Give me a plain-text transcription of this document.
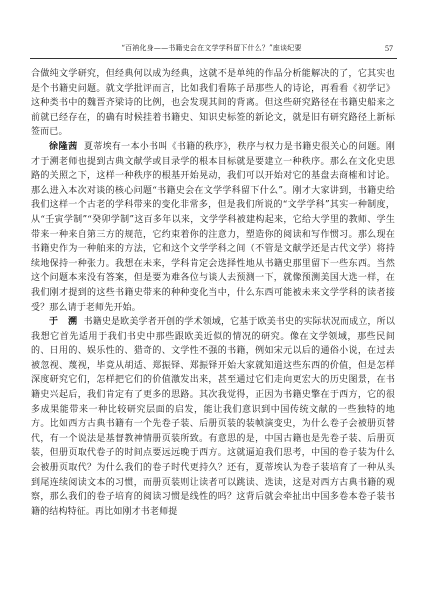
“百衲化身——书籍史会在文学学科留下什么？”座谈纪要	57

合做纯文学研究，但经典何以成为经典，这就不是单纯的作品分析能解决的了，它其实也是个书籍史问题。就文学批评而言，比如我们看陈子昂那些人的诗论，再看看《初学记》这种类书中的魏晋齐梁诗的比例，也会发现其间的背离。但这些研究路径在书籍史船来之前就已经存在，的确有时候挂着书籍史、知识史标签的新论文，就是旧有研究路径上新标签而已。

徐隆茜 夏蒂埃有一本小书叫《书籍的秩序》，秩序与权力是书籍史很关心的问题。刚才于溯老师也提到古典文献学或目录学的根本目标就是要建立一种秩序。那么在文化史思路的关照之下，这样一种秩序的根基开始晃动，我们可以开始对它的基盘去商榷和讨论。那么进入本次对谈的核心问题“书籍史会在文学学科留下什么”。刚才大家讲到，书籍史给我们这样一个古老的学科带来的变化非常多，但是我们所说的“文学学科”其实一种制度，从“壬寅学制”“癸卯学制”这百多年以来，文学学科被建构起来，它给大学里的教师、学生带来一种来自第三方的规范，它约束着你的注意力，塑造你的阅读和写作惯习。那么现在书籍史作为一种舶来的方法，它和这个文学学科之间（不管是文献学还是古代文学）将持续地保持一种张力。我想在未来，学科肯定会选择性地从书籍史那里留下一些东西。当然这个问题本来没有答案，但是要为难各位与谈人去预测一下，就像预测美国大选一样，在我们刚才提到的这些书籍史带来的种种变化当中，什么东西可能被未来文学学科的读者接受？那么请于老师先开始。

于　溯 书籍史是欧美学者开创的学术领域，它基于欧美书史的实际状况而成立，所以我想它首先适用于我们书史中那些跟欧美近似的情况的研究。像在文学领域，那些民间的、日用的、娱乐性的、猎奇的、文学性不强的书籍，例如宋元以后的通俗小说，在过去被忽视、蔑视，毕竟从胡适、郑振铎、郑振铎开始大家就知道这些东西的价值，但是怎样深度研究它们，怎样把它们的价值激发出来，甚至通过它们走向更宏大的历史图景，在书籍史兴起后，我们肯定有了更多的思路。其次我觉得，正因为书籍史擎在于西方，它的很多成果能带来一种比较研究层面的启发，能让我们意识到中国传统文献的一些独特的地方。比如西方古典书籍有一个先卷子装、后册页装的装帧演变史，为什么卷子会被册页替代，有一个说法是基督教神情册页装所致。有意思的是，中国古籍也是先卷子装、后册页装，但册页取代卷子的时间点要远远晚于西方。这就逼迫我们思考，中国的卷子装为什么会被册页取代？为什么我们的卷子时代更持久？还有，夏蒂埃认为卷子装培育了一种从头到尾连续阅读文本的习惯，而册页装则让读者可以跳读、选读，这是对西方古典书籍的观察，那么我们的卷子培育的阅读习惯是线性的吗？这背后就会牵扯出中国多卷本卷子装书籍的结构特征。再比如刚才书老师提
